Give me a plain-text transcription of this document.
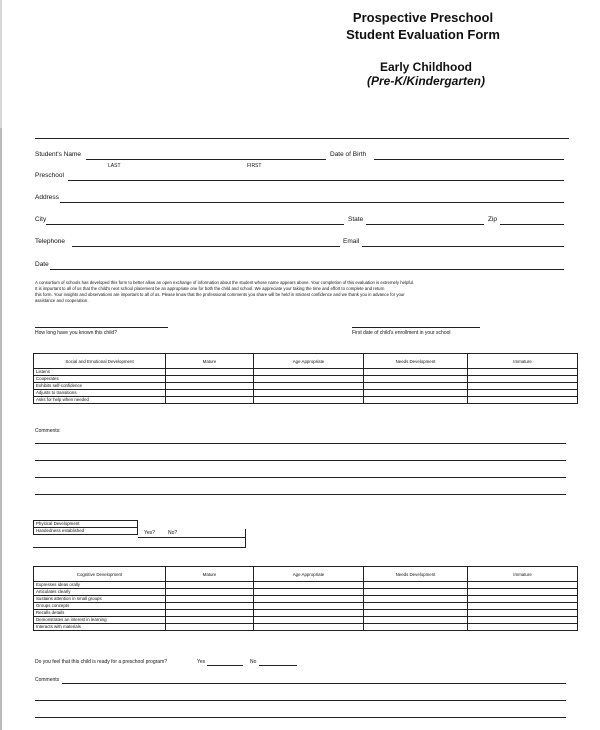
Prospective Preschool
Student Evaluation Form
Early Childhood
(Pre-K/Kindergarten)
Student's Name	Date of Birth
LAST	FIRST
Preschool
Address
City	State	Zip
Telephone	Email
Date
A consortium of schools has developed this form to better allow an open exchange of information about the student whose name appears above. Your completion of this evaluation is extremely helpful.
It is important to all of us that the child's next school placement be an appropriate one for both the child and school. We appreciate your taking the time and effort to complete and return
this form. Your insights and observations are important to all of us. Please know that the professional comments you share will be held in strictest confidence and we thank you in advance for your
assistance and cooperation.
How long have you known this child?	First date of child's enrollment in your school
Social and Emotional Development	Mature	Age Appropriate	Needs Development	Immature
Listens				
Cooperates				
Exhibits self-confidence				
Adjusts to transitions				
Asks for help when needed				
Comments:
Physical Development
Handedness established	Yes?	No?
Cognitive Development	Mature	Age Appropriate	Needs Development	Immature
Expresses ideas orally				
Articulates clearly				
Sustains attention in small groups				
Groups concepts				
Recalls details				
Demonstrates an interest in learning				
Interacts with materials				
Do you feel that this child is ready for a preschool program?	Yes	No
Comments
